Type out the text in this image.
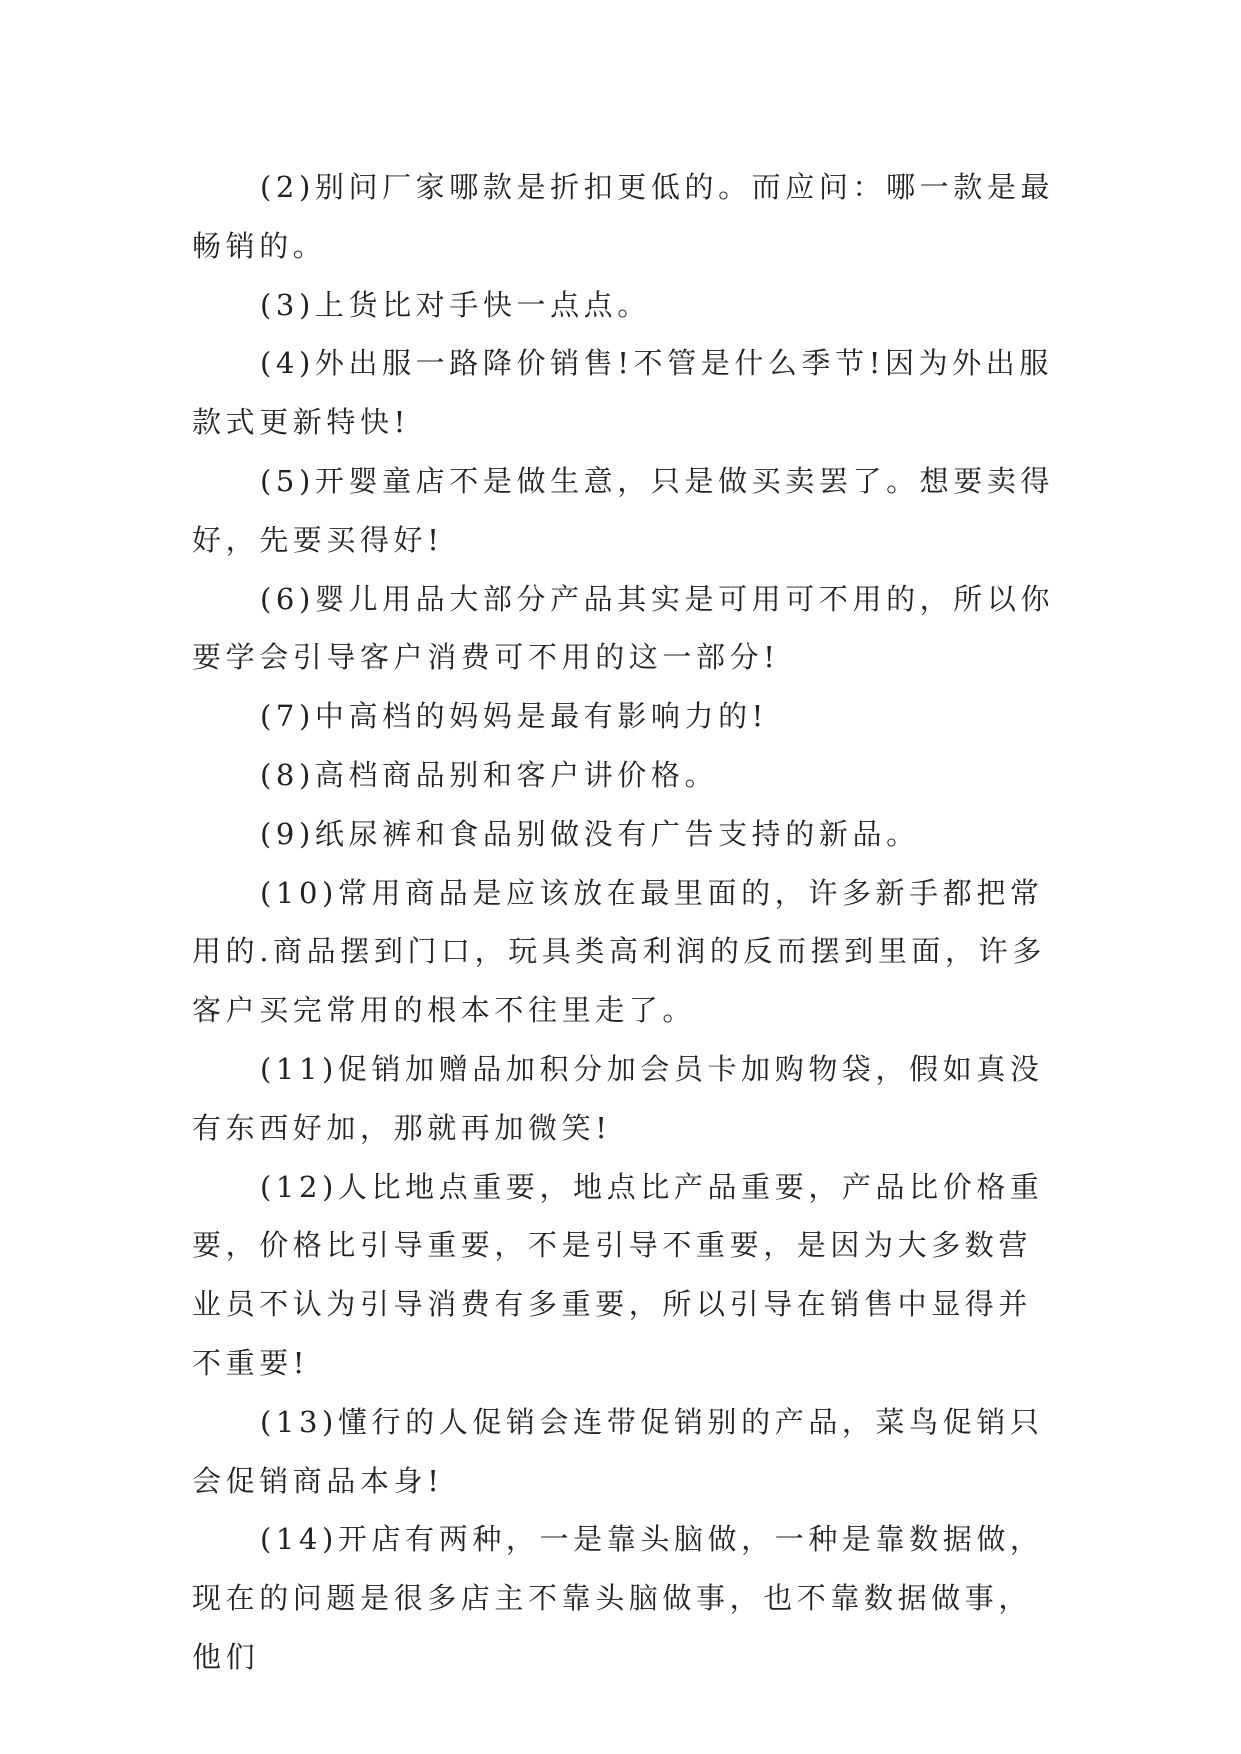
(2)别问厂家哪款是折扣更低的。而应问：哪一款是最畅销的。

(3)上货比对手快一点点。

(4)外出服一路降价销售!不管是什么季节!因为外出服款式更新特快!

(5)开婴童店不是做生意，只是做买卖罢了。想要卖得好，先要买得好!

(6)婴儿用品大部分产品其实是可用可不用的，所以你要学会引导客户消费可不用的这一部分!

(7)中高档的妈妈是最有影响力的!

(8)高档商品别和客户讲价格。

(9)纸尿裤和食品别做没有广告支持的新品。

(10)常用商品是应该放在最里面的，许多新手都把常用的.商品摆到门口，玩具类高利润的反而摆到里面，许多客户买完常用的根本不往里走了。

(11)促销加赠品加积分加会员卡加购物袋，假如真没有东西好加，那就再加微笑!

(12)人比地点重要，地点比产品重要，产品比价格重要，价格比引导重要，不是引导不重要，是因为大多数营业员不认为引导消费有多重要，所以引导在销售中显得并不重要!

(13)懂行的人促销会连带促销别的产品，菜鸟促销只会促销商品本身!

(14)开店有两种，一是靠头脑做，一种是靠数据做，现在的问题是很多店主不靠头脑做事，也不靠数据做事，他们
